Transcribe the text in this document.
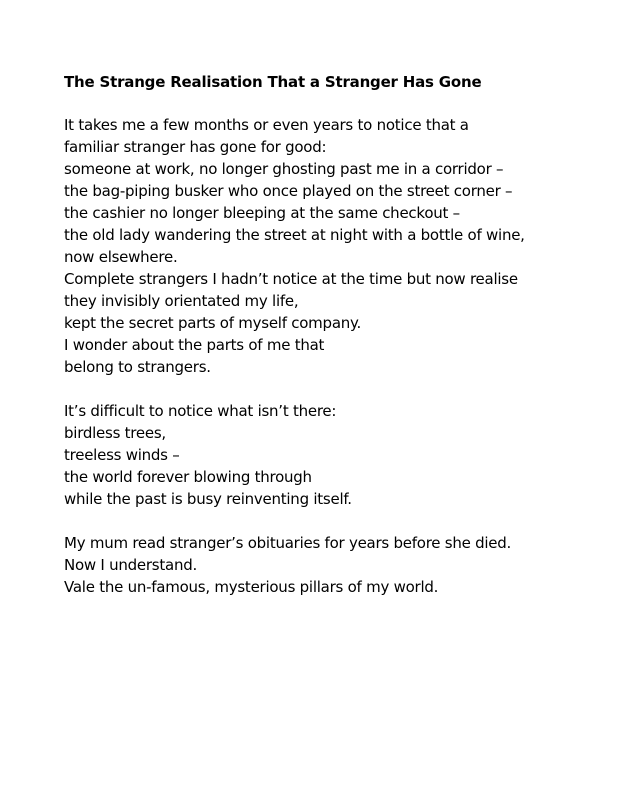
The Strange Realisation That a Stranger Has Gone
It takes me a few months or even years to notice that a
familiar stranger has gone for good:
someone at work, no longer ghosting past me in a corridor –
the bag-piping busker who once played on the street corner –
the cashier no longer bleeping at the same checkout –
the old lady wandering the street at night with a bottle of wine,
now elsewhere.
Complete strangers I hadn’t notice at the time but now realise
they invisibly orientated my life,
kept the secret parts of myself company.
I wonder about the parts of me that
belong to strangers.
It’s difficult to notice what isn’t there:
birdless trees,
treeless winds –
the world forever blowing through
while the past is busy reinventing itself.
My mum read stranger’s obituaries for years before she died.
Now I understand.
Vale the un-famous, mysterious pillars of my world.
